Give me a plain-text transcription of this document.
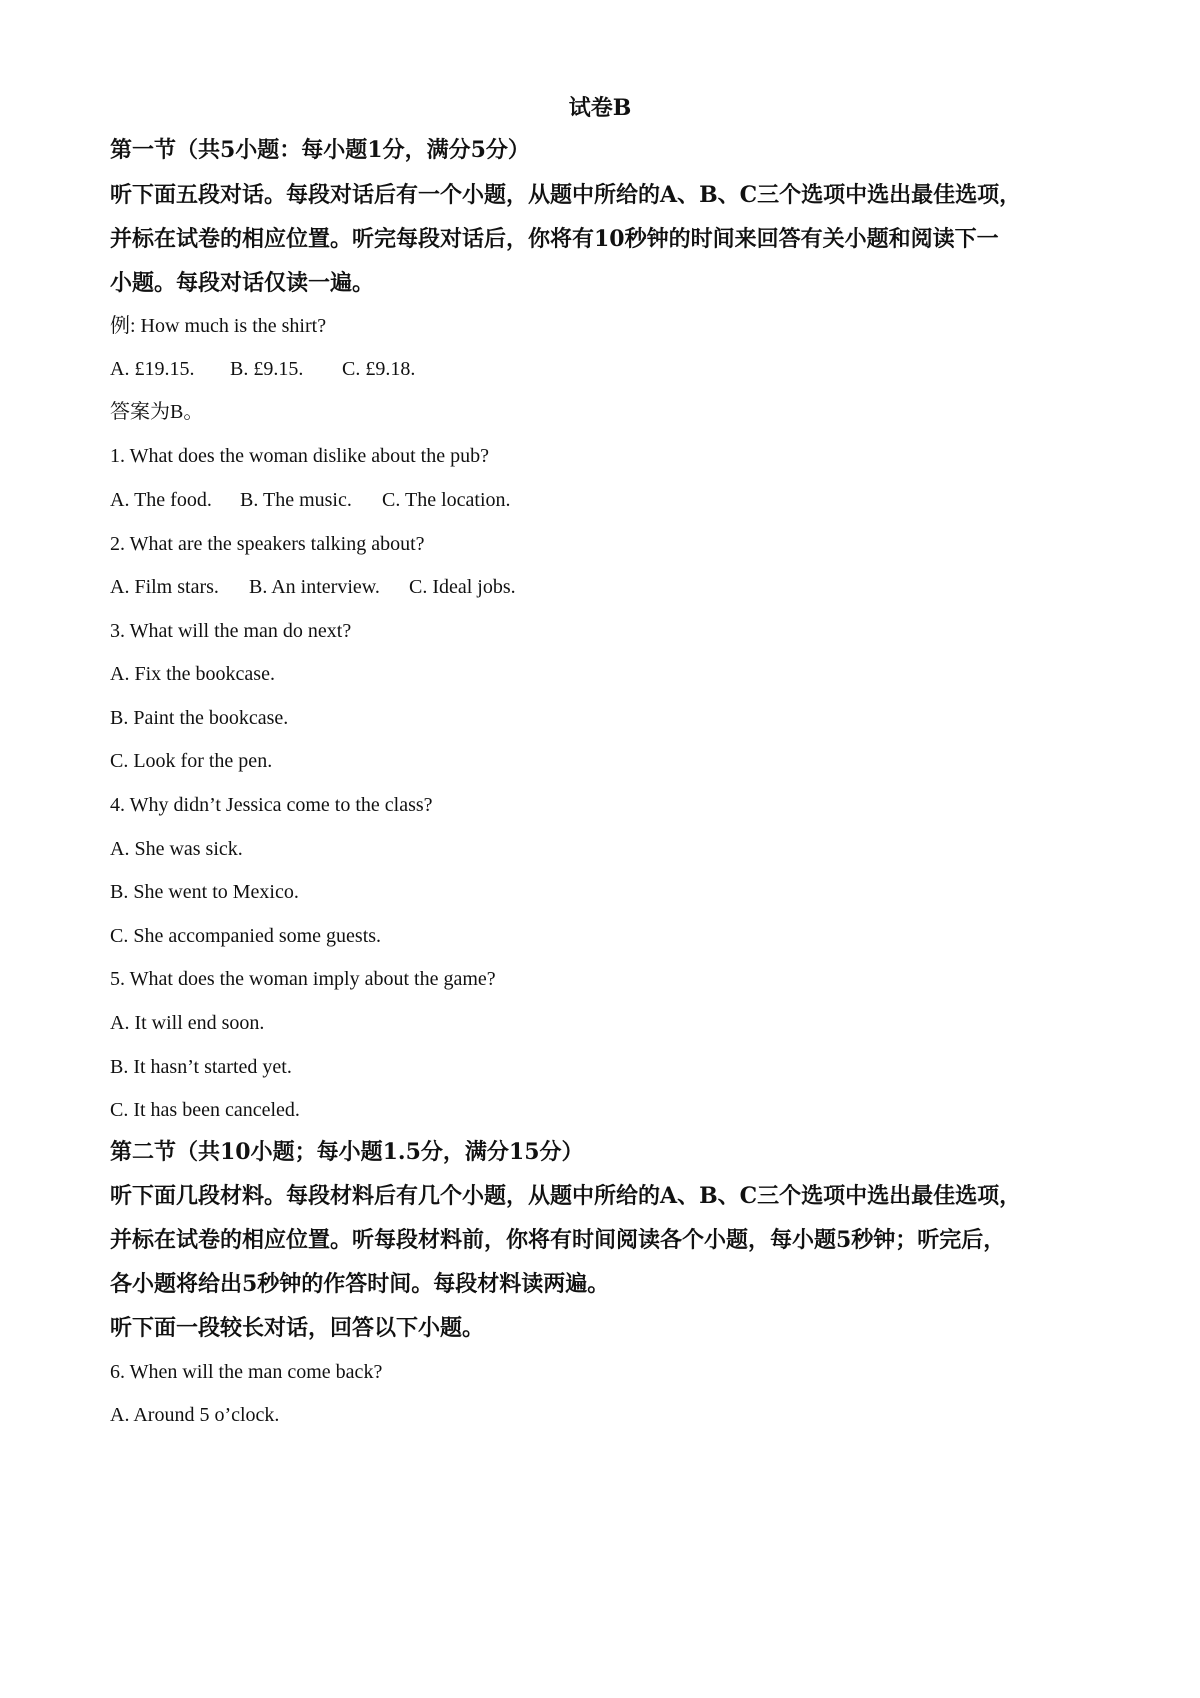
试卷B
第一节（共5小题：每小题1分，满分5分）
听下面五段对话。每段对话后有一个小题，从题中所给的A、B、C三个选项中选出最佳选项，
并标在试卷的相应位置。听完每段对话后，你将有10秒钟的时间来回答有关小题和阅读下一
小题。每段对话仅读一遍。
例: How much is the shirt?
A. £19.15. B. £9.15. C. £9.18.
答案为B。
1. What does the woman dislike about the pub?
A. The food. B. The music. C. The location.
2. What are the speakers talking about?
A. Film stars. B. An interview. C. Ideal jobs.
3. What will the man do next?
A. Fix the bookcase.
B. Paint the bookcase.
C. Look for the pen.
4. Why didn’t Jessica come to the class?
A. She was sick.
B. She went to Mexico.
C. She accompanied some guests.
5. What does the woman imply about the game?
A. It will end soon.
B. It hasn’t started yet.
C. It has been canceled.
第二节（共10小题；每小题1.5分，满分15分）
听下面几段材料。每段材料后有几个小题，从题中所给的A、B、C三个选项中选出最佳选项，
并标在试卷的相应位置。听每段材料前，你将有时间阅读各个小题，每小题5秒钟；听完后，
各小题将给出5秒钟的作答时间。每段材料读两遍。
听下面一段较长对话，回答以下小题。
6. When will the man come back?
A. Around 5 o’clock.
